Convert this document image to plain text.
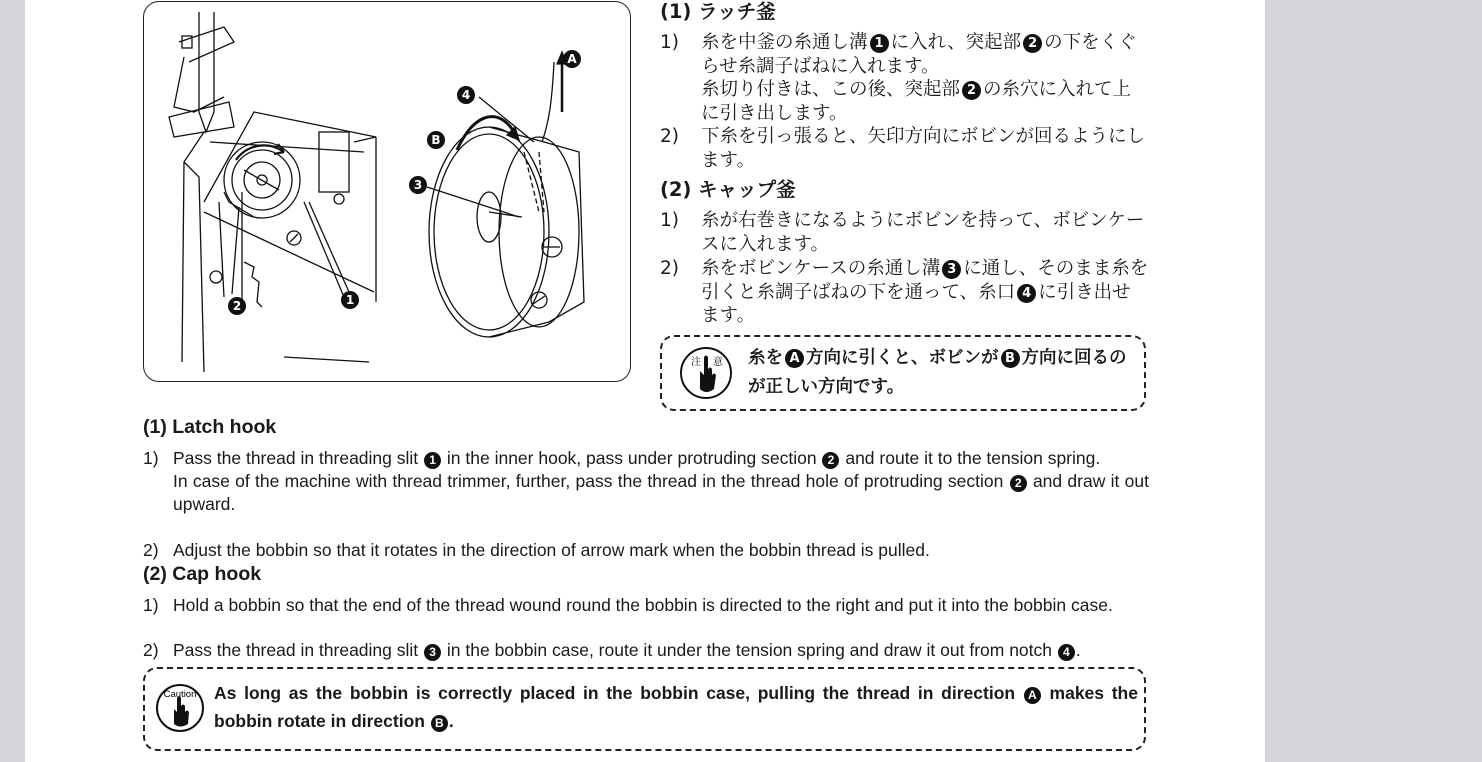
A
4
B
3
2	1
(1) ラッチ釜
1) 糸を中釜の糸通し溝 1 に入れ、突起部 2 の下をくぐらせ糸調子ばねに入れます。
糸切り付きは、この後、突起部 2 の糸穴に入れて上に引き出します。
2) 下糸を引っ張ると、矢印方向にボビンが回るようにします。
(2) キャップ釜
1) 糸が右巻きになるようにボビンを持って、ボビンケースに入れます。
2) 糸をボビンケースの糸通し溝 3 に通し、そのまま糸を引くと糸調子ばねの下を通って、糸口 4 に引き出せます。
注 意 糸を A 方向に引くと、ボビンが B 方向に回るのが正しい方向です。
(1) Latch hook
1) Pass the thread in threading slit 1 in the inner hook, pass under protruding section 2 and route it to the tension spring.
In case of the machine with thread trimmer, further, pass the thread in the thread hole of protruding section 2 and draw it out upward.
2) Adjust the bobbin so that it rotates in the direction of arrow mark when the bobbin thread is pulled.
(2) Cap hook
1) Hold a bobbin so that the end of the thread wound round the bobbin is directed to the right and put it into the bobbin case.
2) Pass the thread in threading slit 3 in the bobbin case, route it under the tension spring and draw it out from notch 4 .
Caution As long as the bobbin is correctly placed in the bobbin case, pulling the thread in direction A makes the bobbin rotate in direction B .
